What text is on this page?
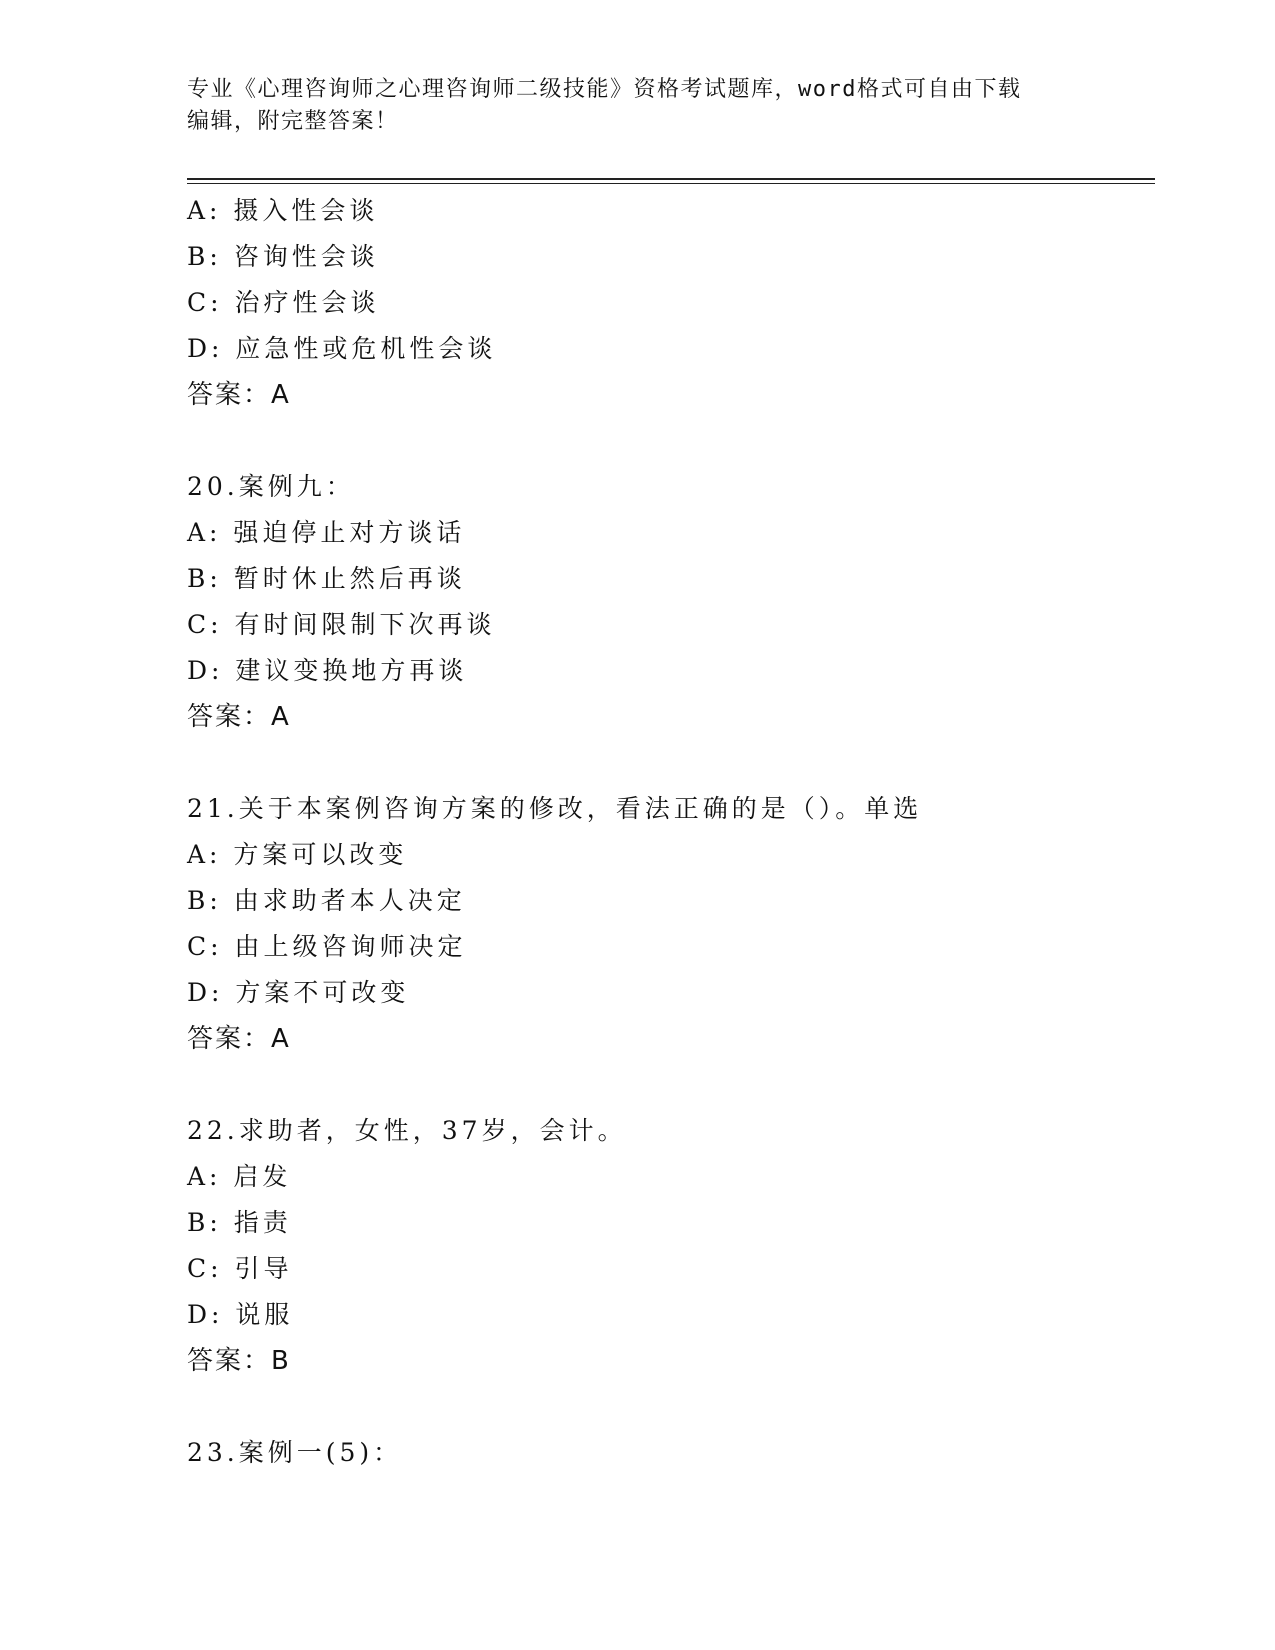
专业《心理咨询师之心理咨询师二级技能》资格考试题库，word格式可自由下载
编辑，附完整答案！
A: 摄入性会谈
B: 咨询性会谈
C: 治疗性会谈
D: 应急性或危机性会谈
答案：A
20.案例九：
A: 强迫停止对方谈话
B: 暂时休止然后再谈
C: 有时间限制下次再谈
D: 建议变换地方再谈
答案：A
21.关于本案例咨询方案的修改，看法正确的是（）。单选
A: 方案可以改变
B: 由求助者本人决定
C: 由上级咨询师决定
D: 方案不可改变
答案：A
22.求助者，女性，37岁，会计。
A: 启发
B: 指责
C: 引导
D: 说服
答案：B
23.案例一(5)：
